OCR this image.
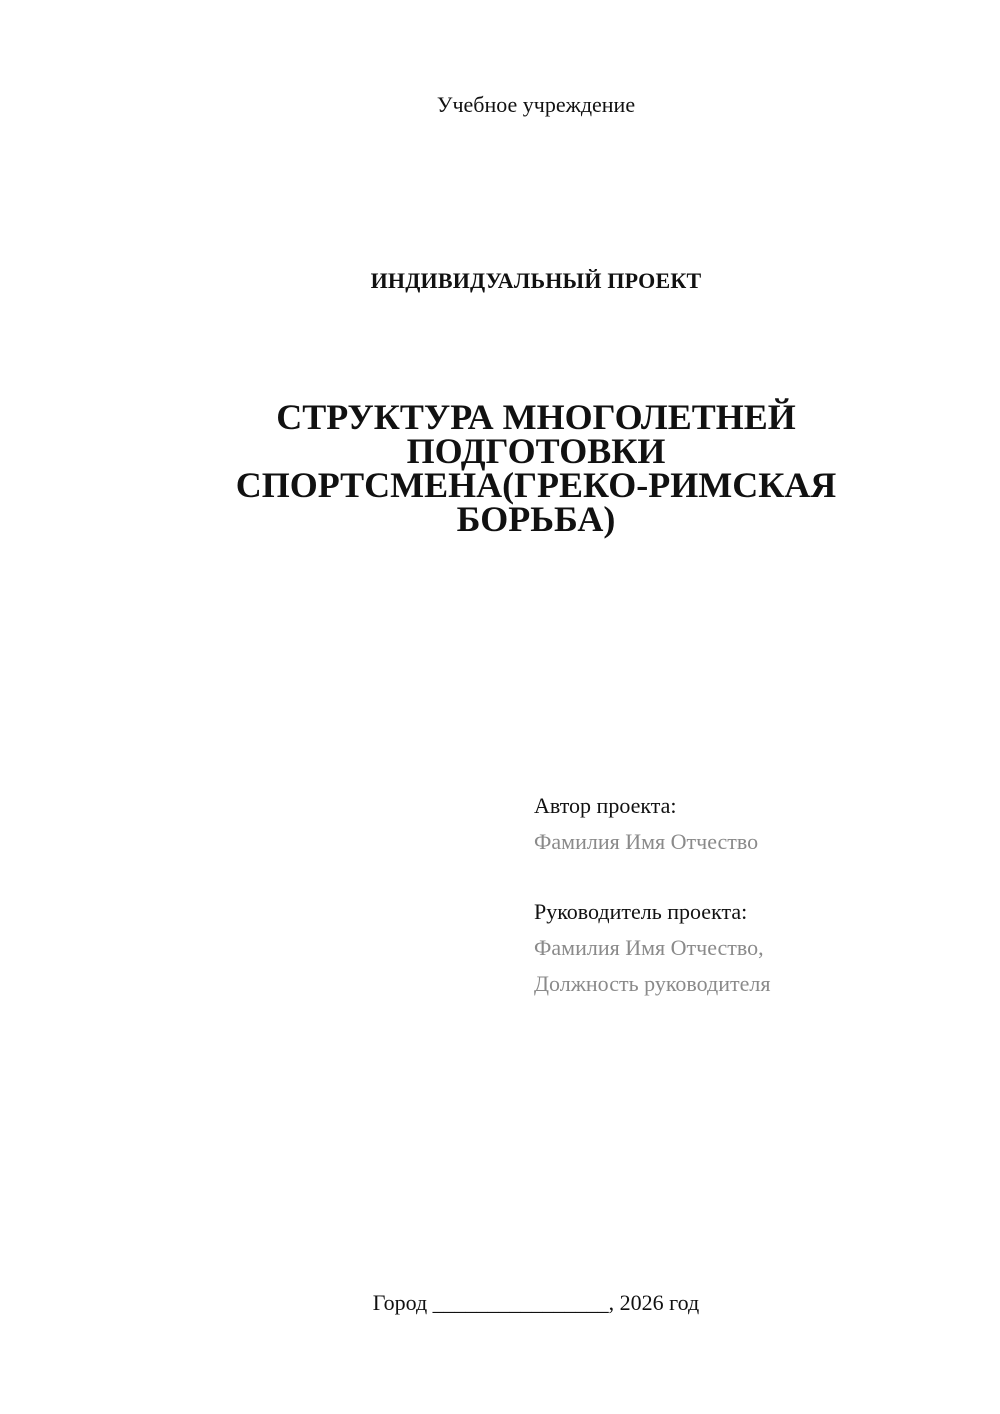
Учебное учреждение
ИНДИВИДУАЛЬНЫЙ ПРОЕКТ
СТРУКТУРА МНОГОЛЕТНЕЙ
ПОДГОТОВКИ
СПОРТСМЕНА(ГРЕКО-РИМСКАЯ
БОРЬБА)
Автор проекта:
Фамилия Имя Отчество
Руководитель проекта:
Фамилия Имя Отчество,
Должность руководителя
Город ________________, 2026 год
